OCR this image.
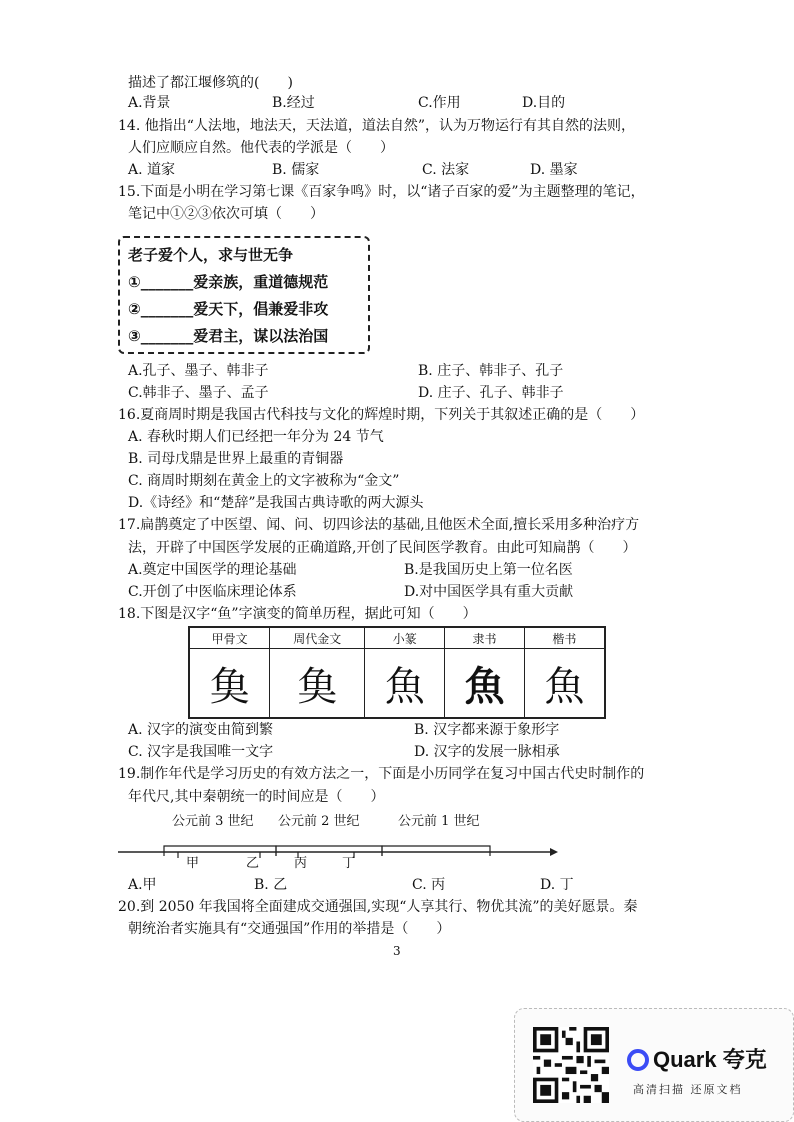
描述了都江堰修筑的(　　)
A.背景	B.经过	C.作用	D.目的
14. 他指出“人法地，地法天，天法道，道法自然”，认为万物运行有其自然的法则，
人们应顺应自然。他代表的学派是（　　）
A. 道家	B. 儒家	C. 法家	D. 墨家
15.下面是小明在学习第七课《百家争鸣》时，以“诸子百家的爱”为主题整理的笔记，
笔记中①②③依次可填（　　）
老子爱个人，求与世无争
①_______爱亲族，重道德规范
②_______爱天下，倡兼爱非攻
③_______爱君主，谋以法治国
A.孔子、墨子、韩非子	B. 庄子、韩非子、孔子
C.韩非子、墨子、孟子	D. 庄子、孔子、韩非子
16.夏商周时期是我国古代科技与文化的辉煌时期，下列关于其叙述正确的是（　　）
A. 春秋时期人们已经把一年分为 24 节气
B. 司母戊鼎是世界上最重的青铜器
C. 商周时期刻在黄金上的文字被称为“金文”
D.《诗经》和“楚辞”是我国古典诗歌的两大源头
17.扁鹊奠定了中医望、闻、问、切四诊法的基础,且他医术全面,擅长采用多种治疗方
法，开辟了中国医学发展的正确道路,开创了民间医学教育。由此可知扁鹊（　　）
A.奠定中国医学的理论基础	B.是我国历史上第一位名医
C.开创了中医临床理论体系	D.对中国医学具有重大贡献
18.下图是汉字“鱼”字演变的简单历程，据此可知（　　）
甲骨文	周代金文	小篆	隶书	楷书
𩵋	𩵋	魚	魚	魚
A. 汉字的演变由简到繁	B. 汉字都来源于象形字
C. 汉字是我国唯一文字	D. 汉字的发展一脉相承
19.制作年代是学习历史的有效方法之一，下面是小历同学在复习中国古代史时制作的
年代尺,其中秦朝统一的时间应是（　　）
公元前 3 世纪 公元前 2 世纪	公元前 1 世纪
甲	乙	丙	丁
A.甲	B. 乙	C. 丙	D. 丁
20.到 2050 年我国将全面建成交通强国,实现“人享其行、物优其流”的美好愿景。秦
朝统治者实施具有“交通强国”作用的举措是（　　）
3
Quark 夸克
高清扫描 还原文档
